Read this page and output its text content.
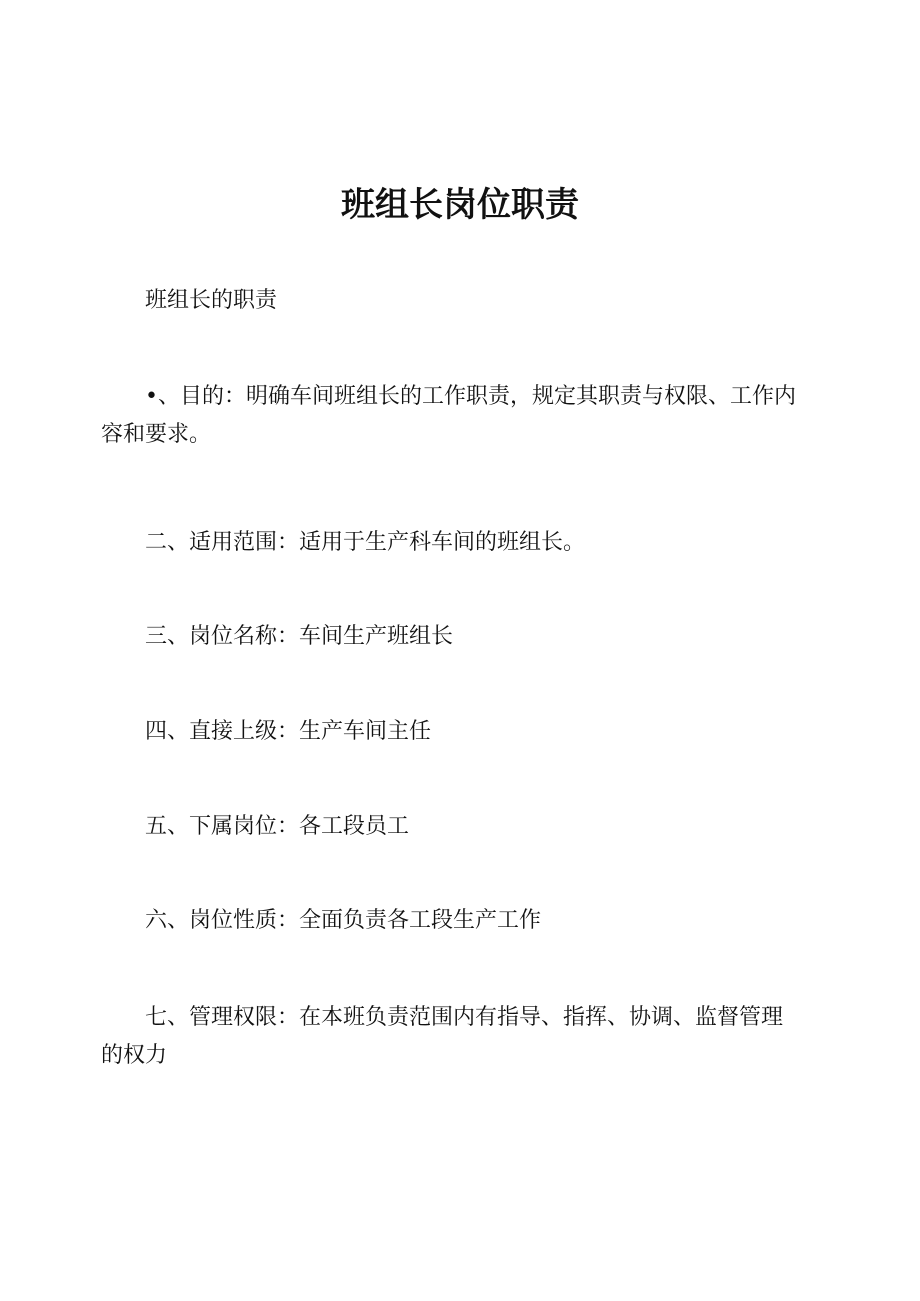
班组长岗位职责

班组长的职责

•、目的：明确车间班组长的工作职责，规定其职责与权限、工作内容和要求。

二、适用范围：适用于生产科车间的班组长。

三、岗位名称：车间生产班组长

四、直接上级：生产车间主任

五、下属岗位：各工段员工

六、岗位性质：全面负责各工段生产工作

七、管理权限：在本班负责范围内有指导、指挥、协调、监督管理的权力
